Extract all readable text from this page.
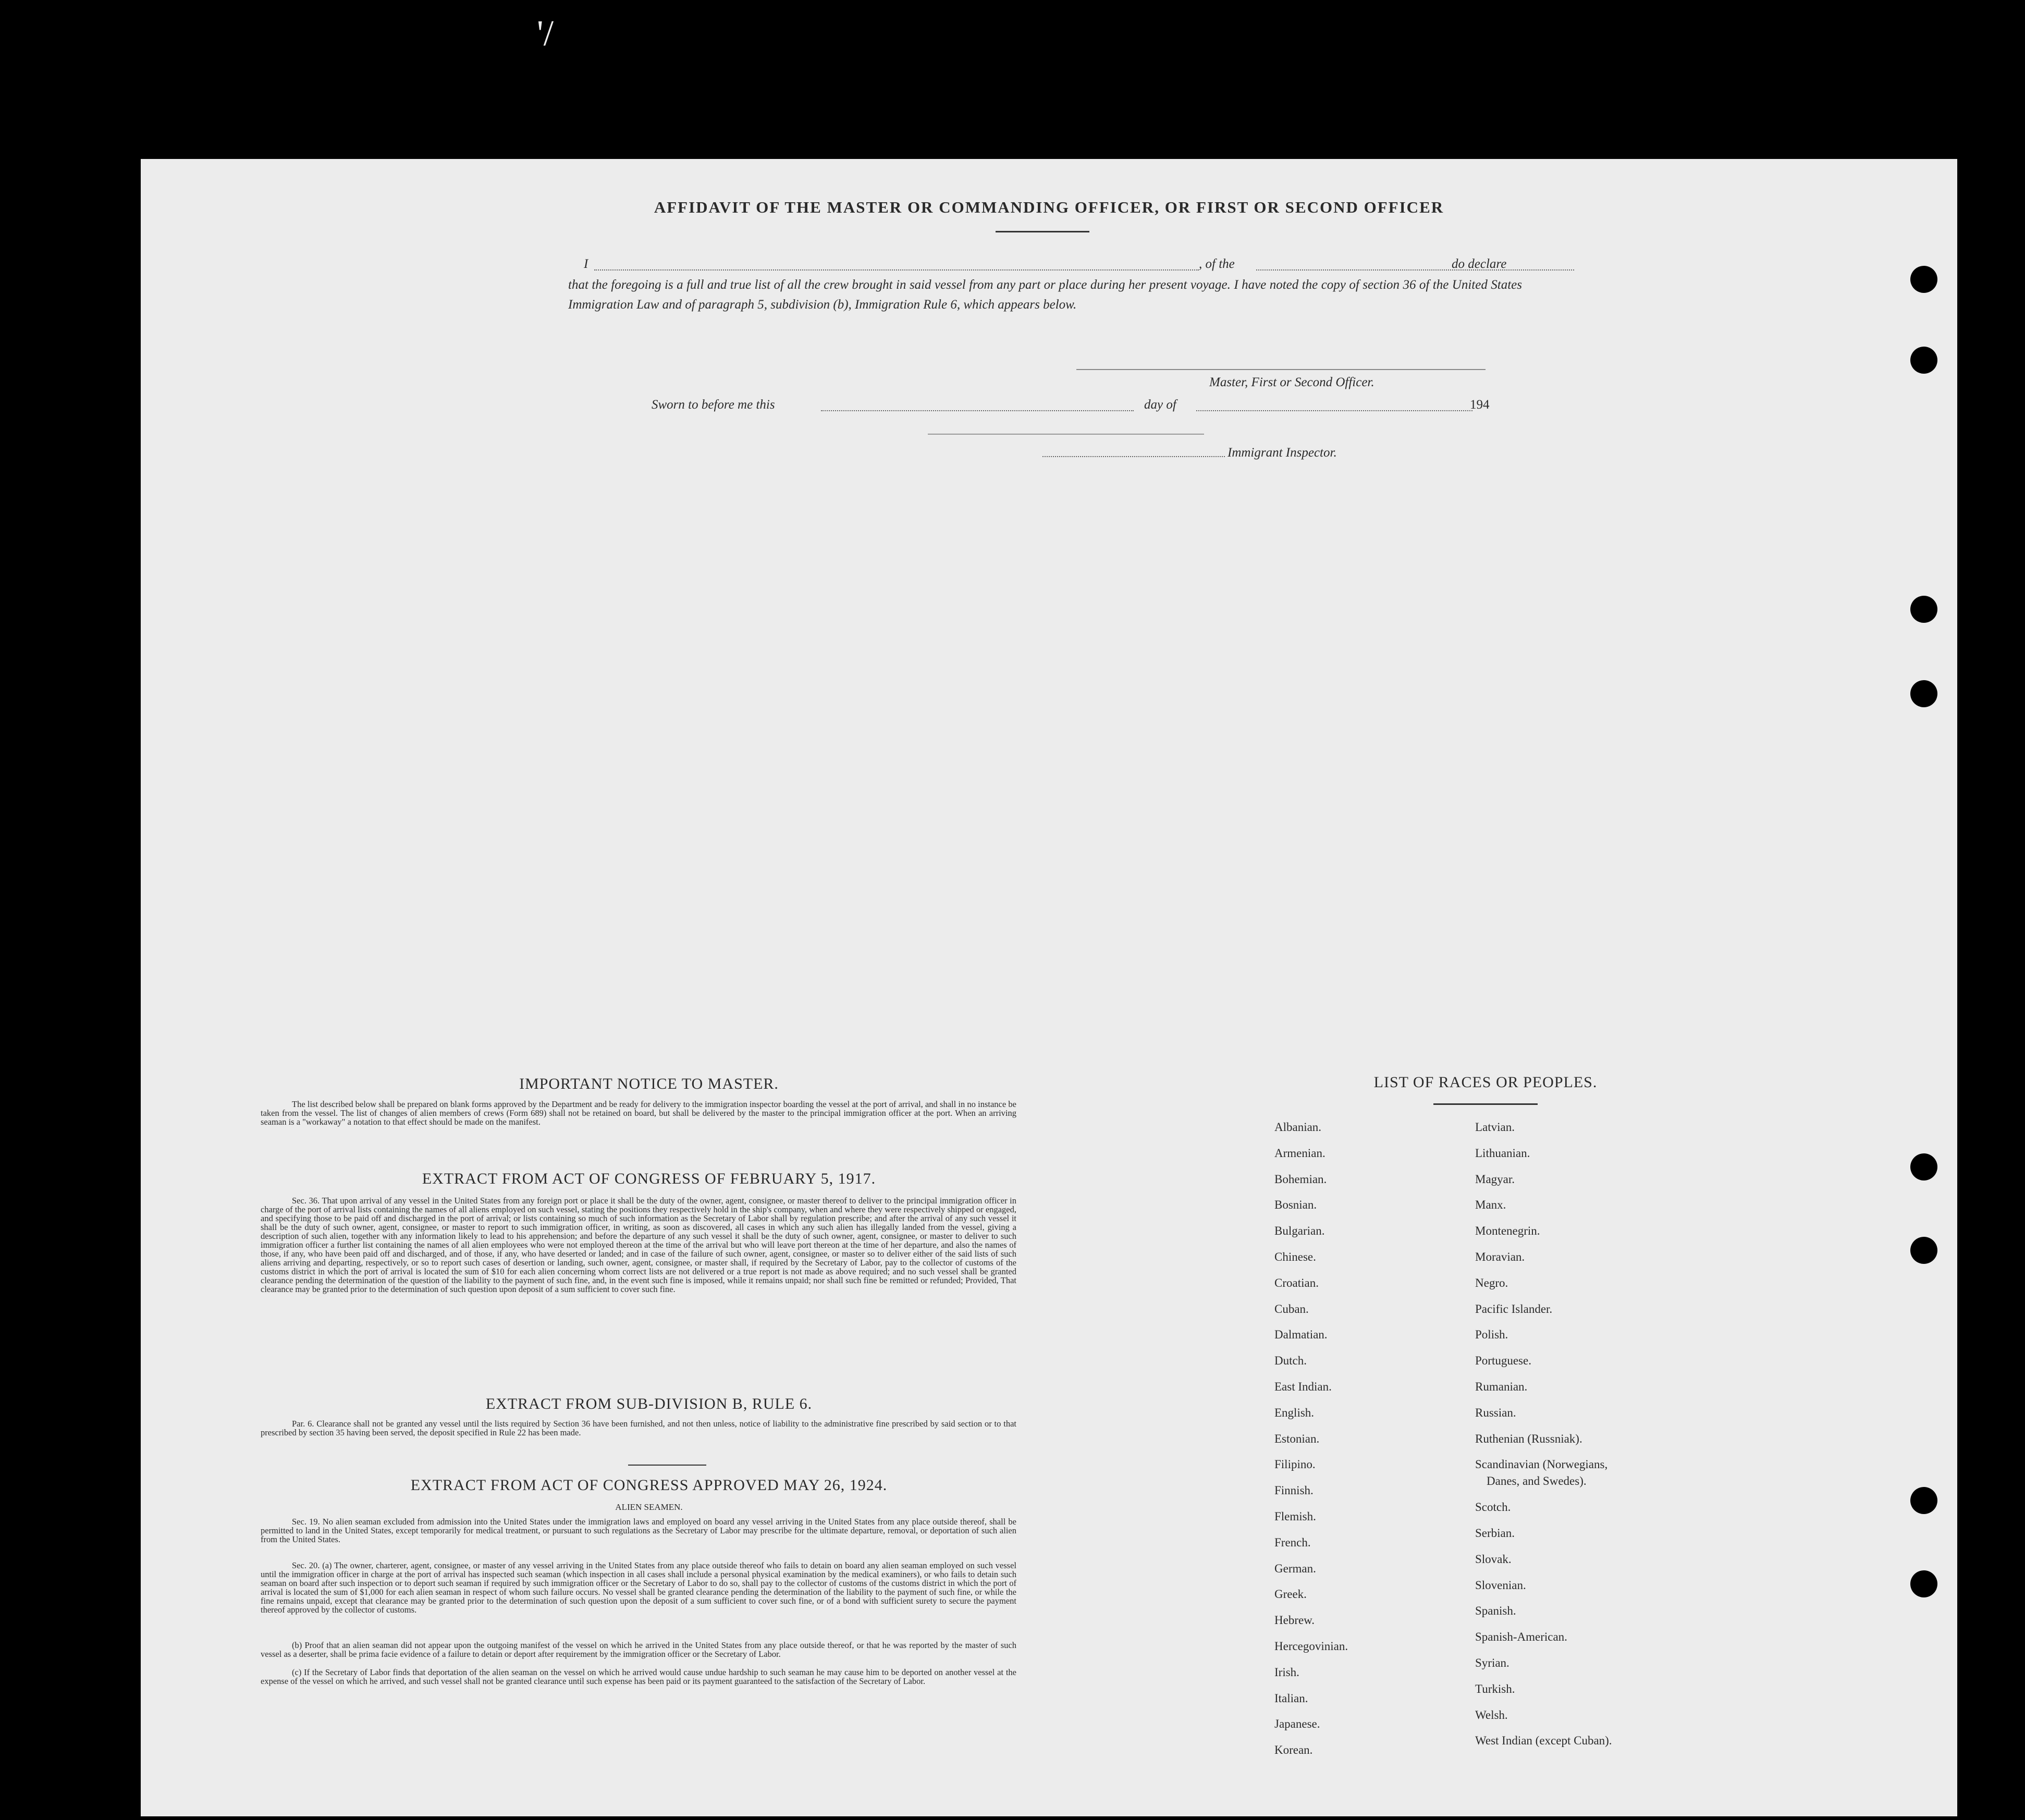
'/
AFFIDAVIT OF THE MASTER OR COMMANDING OFFICER, OR FIRST OR SECOND OFFICER
I	, of the	do declare
that the foregoing is a full and true list of all the crew brought in said vessel from any part or place during her present voyage. I have noted the copy of section 36 of the United States Immigration Law and of paragraph 5, subdivision (b), Immigration Rule 6, which appears below.
Master, First or Second Officer.
Sworn to before me this	day of	194
Immigrant Inspector.
IMPORTANT NOTICE TO MASTER.
The list described below shall be prepared on blank forms approved by the Department and be ready for delivery to the immigration inspector boarding the vessel at the port of arrival, and shall in no instance be taken from the vessel. The list of changes of alien members of crews (Form 689) shall not be retained on board, but shall be delivered by the master to the principal immigration officer at the port. When an arriving seaman is a "workaway" a notation to that effect should be made on the manifest.
EXTRACT FROM ACT OF CONGRESS OF FEBRUARY 5, 1917.
Sec. 36. That upon arrival of any vessel in the United States from any foreign port or place it shall be the duty of the owner, agent, consignee, or master thereof to deliver to the principal immigration officer in charge of the port of arrival lists containing the names of all aliens employed on such vessel, stating the positions they respectively hold in the ship's company, when and where they were respectively shipped or engaged, and specifying those to be paid off and discharged in the port of arrival; or lists containing so much of such information as the Secretary of Labor shall by regulation prescribe; and after the arrival of any such vessel it shall be the duty of such owner, agent, consignee, or master to report to such immigration officer, in writing, as soon as discovered, all cases in which any such alien has illegally landed from the vessel, giving a description of such alien, together with any information likely to lead to his apprehension; and before the departure of any such vessel it shall be the duty of such owner, agent, consignee, or master to deliver to such immigration officer a further list containing the names of all alien employees who were not employed thereon at the time of the arrival but who will leave port thereon at the time of her departure, and also the names of those, if any, who have been paid off and discharged, and of those, if any, who have deserted or landed; and in case of the failure of such owner, agent, consignee, or master so to deliver either of the said lists of such aliens arriving and departing, respectively, or so to report such cases of desertion or landing, such owner, agent, consignee, or master shall, if required by the Secretary of Labor, pay to the collector of customs of the customs district in which the port of arrival is located the sum of $10 for each alien concerning whom correct lists are not delivered or a true report is not made as above required; and no such vessel shall be granted clearance pending the determination of the question of the liability to the payment of such fine, and, in the event such fine is imposed, while it remains unpaid; nor shall such fine be remitted or refunded; Provided, That clearance may be granted prior to the determination of such question upon deposit of a sum sufficient to cover such fine.
EXTRACT FROM SUB-DIVISION B, RULE 6.
Par. 6. Clearance shall not be granted any vessel until the lists required by Section 36 have been furnished, and not then unless, notice of liability to the administrative fine prescribed by said section or to that prescribed by section 35 having been served, the deposit specified in Rule 22 has been made.
EXTRACT FROM ACT OF CONGRESS APPROVED MAY 26, 1924.
ALIEN SEAMEN.
Sec. 19. No alien seaman excluded from admission into the United States under the immigration laws and employed on board any vessel arriving in the United States from any place outside thereof, shall be permitted to land in the United States, except temporarily for medical treatment, or pursuant to such regulations as the Secretary of Labor may prescribe for the ultimate departure, removal, or deportation of such alien from the United States.
Sec. 20. (a) The owner, charterer, agent, consignee, or master of any vessel arriving in the United States from any place outside thereof who fails to detain on board any alien seaman employed on such vessel until the immigration officer in charge at the port of arrival has inspected such seaman (which inspection in all cases shall include a personal physical examination by the medical examiners), or who fails to detain such seaman on board after such inspection or to deport such seaman if required by such immigration officer or the Secretary of Labor to do so, shall pay to the collector of customs of the customs district in which the port of arrival is located the sum of $1,000 for each alien seaman in respect of whom such failure occurs. No vessel shall be granted clearance pending the determination of the liability to the payment of such fine, or while the fine remains unpaid, except that clearance may be granted prior to the determination of such question upon the deposit of a sum sufficient to cover such fine, or of a bond with sufficient surety to secure the payment thereof approved by the collector of customs.
(b) Proof that an alien seaman did not appear upon the outgoing manifest of the vessel on which he arrived in the United States from any place outside thereof, or that he was reported by the master of such vessel as a deserter, shall be prima facie evidence of a failure to detain or deport after requirement by the immigration officer or the Secretary of Labor.
(c) If the Secretary of Labor finds that deportation of the alien seaman on the vessel on which he arrived would cause undue hardship to such seaman he may cause him to be deported on another vessel at the expense of the vessel on which he arrived, and such vessel shall not be granted clearance until such expense has been paid or its payment guaranteed to the satisfaction of the Secretary of Labor.
LIST OF RACES OR PEOPLES.
Albanian.
Armenian.
Bohemian.
Bosnian.
Bulgarian.
Chinese.
Croatian.
Cuban.
Dalmatian.
Dutch.
East Indian.
English.
Estonian.
Filipino.
Finnish.
Flemish.
French.
German.
Greek.
Hebrew.
Hercegovinian.
Irish.
Italian.
Japanese.
Korean.
Latvian.
Lithuanian.
Magyar.
Manx.
Montenegrin.
Moravian.
Negro.
Pacific Islander.
Polish.
Portuguese.
Rumanian.
Russian.
Ruthenian (Russniak).
Scandinavian (Norwegians,
Danes, and Swedes).
Scotch.
Serbian.
Slovak.
Slovenian.
Spanish.
Spanish-American.
Syrian.
Turkish.
Welsh.
West Indian (except Cuban).
